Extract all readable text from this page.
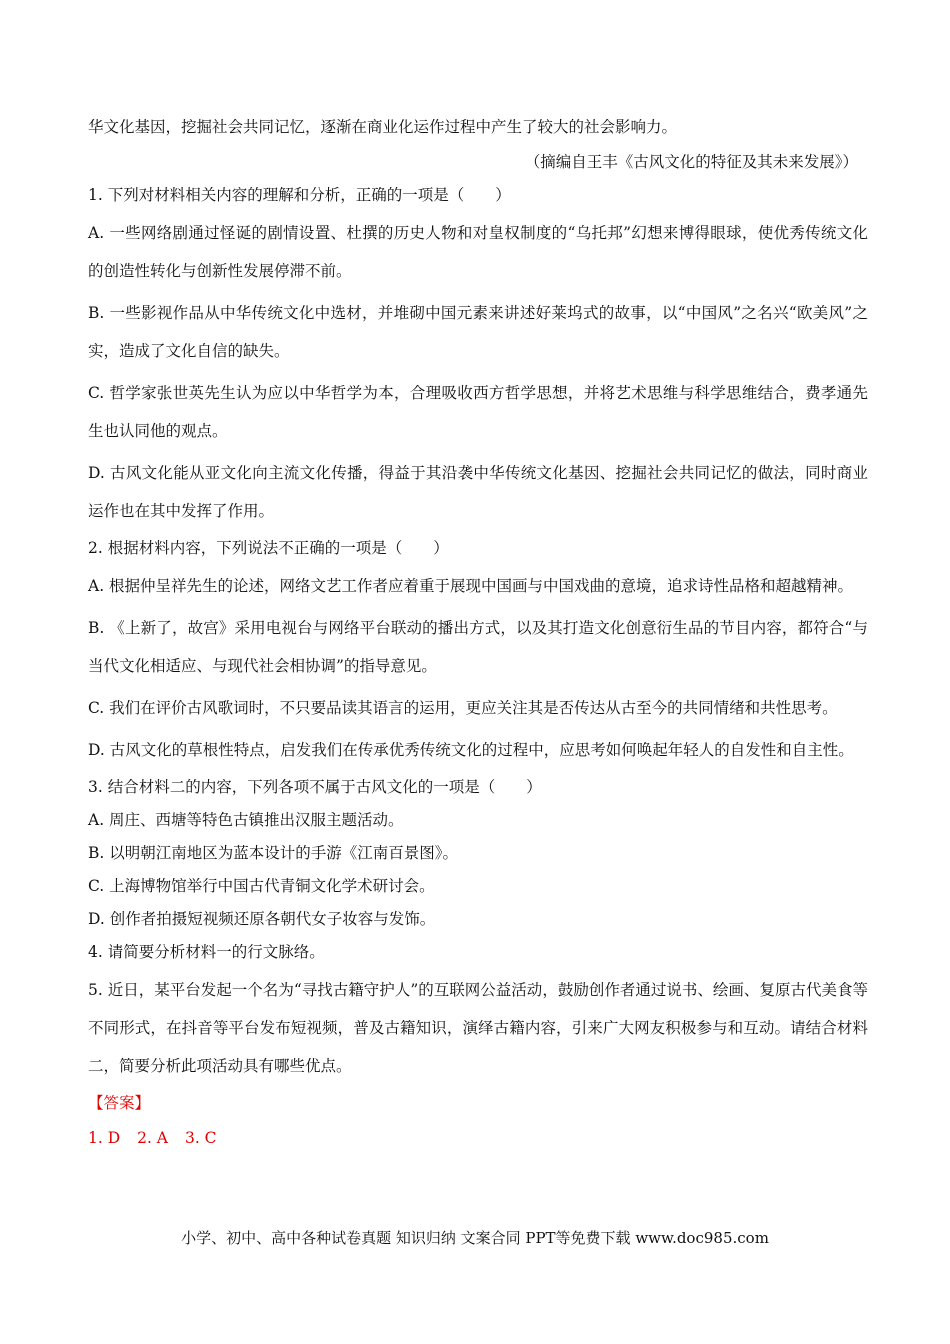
华文化基因，挖掘社会共同记忆，逐渐在商业化运作过程中产生了较大的社会影响力。

（摘编自王丰《古风文化的特征及其未来发展》）

1. 下列对材料相关内容的理解和分析，正确的一项是（　　）

A. 一些网络剧通过怪诞的剧情设置、杜撰的历史人物和对皇权制度的“乌托邦”幻想来博得眼球，使优秀传统文化的创造性转化与创新性发展停滞不前。

B. 一些影视作品从中华传统文化中选材，并堆砌中国元素来讲述好莱坞式的故事，以“中国风”之名兴“欧美风”之实，造成了文化自信的缺失。

C. 哲学家张世英先生认为应以中华哲学为本，合理吸收西方哲学思想，并将艺术思维与科学思维结合，费孝通先生也认同他的观点。

D. 古风文化能从亚文化向主流文化传播，得益于其沿袭中华传统文化基因、挖掘社会共同记忆的做法，同时商业运作也在其中发挥了作用。

2. 根据材料内容，下列说法不正确的一项是（　　）

A. 根据仲呈祥先生的论述，网络文艺工作者应着重于展现中国画与中国戏曲的意境，追求诗性品格和超越精神。

B. 《上新了，故宫》采用电视台与网络平台联动的播出方式，以及其打造文化创意衍生品的节目内容，都符合“与当代文化相适应、与现代社会相协调”的指导意见。

C. 我们在评价古风歌词时，不只要品读其语言的运用，更应关注其是否传达从古至今的共同情绪和共性思考。

D. 古风文化的草根性特点，启发我们在传承优秀传统文化的过程中，应思考如何唤起年轻人的自发性和自主性。

3. 结合材料二的内容，下列各项不属于古风文化的一项是（　　）

A. 周庄、西塘等特色古镇推出汉服主题活动。

B. 以明朝江南地区为蓝本设计的手游《江南百景图》。

C. 上海博物馆举行中国古代青铜文化学术研讨会。

D. 创作者拍摄短视频还原各朝代女子妆容与发饰。

4. 请简要分析材料一的行文脉络。

5. 近日，某平台发起一个名为“寻找古籍守护人”的互联网公益活动，鼓励创作者通过说书、绘画、复原古代美食等不同形式，在抖音等平台发布短视频，普及古籍知识，演绎古籍内容，引来广大网友积极参与和互动。请结合材料二，简要分析此项活动具有哪些优点。

【答案】

1. D 2. A 3. C

小学、初中、高中各种试卷真题 知识归纳 文案合同 PPT等免费下载 www.doc985.com
